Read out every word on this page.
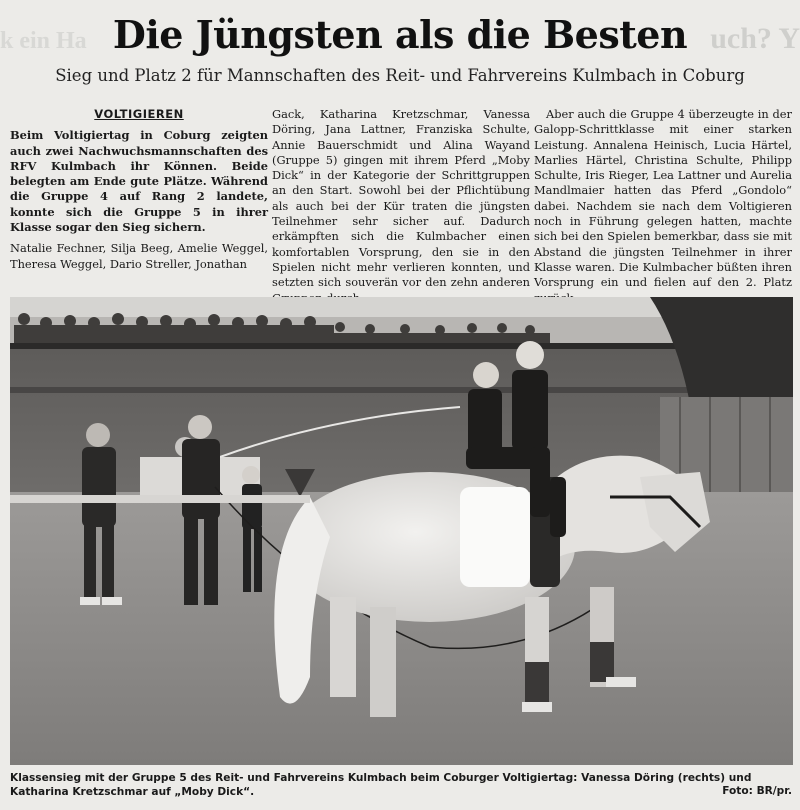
k ein Ha	uch? Y
Die Jüngsten als die Besten
Sieg und Platz 2 für Mannschaften des Reit- und Fahrvereins Kulmbach in Coburg
VOLTIGIEREN
Beim Voltigiertag in Coburg zeigten auch zwei Nachwuchsmannschaften des RFV Kulmbach ihr Können. Beide belegten am Ende gute Plätze. Während die Gruppe 4 auf Rang 2 landete, konnte sich die Gruppe 5 in ihrer Klasse sogar den Sieg sichern.
Natalie Fechner, Silja Beeg, Amelie Weggel, Theresa Weggel, Dario Streller, Jonathan
Gack, Katharina Kretzschmar, Vanessa Döring, Jana Lattner, Franziska Schulte, Annie Bauerschmidt und Alina Wayand (Gruppe 5) gingen mit ihrem Pferd „Moby Dick“ in der Kategorie der Schrittgruppen an den Start. Sowohl bei der Pflichtübung als auch bei der Kür traten die jüngsten Teilnehmer sehr sicher auf. Dadurch erkämpften sich die Kulmbacher einen komfortablen Vorsprung, den sie in den Spielen nicht mehr verlieren konnten, und setzten sich souverän vor den zehn anderen
Aber auch die Gruppe 4 überzeugte in der Galopp-Schrittklasse mit einer starken Leistung. Annalena Heinisch, Lucia Härtel, Marlies Härtel, Christina Schulte, Philipp Schulte, Iris Rieger, Lea Lattner und Aurelia Mandlmaier hatten das Pferd „Gondolo“ dabei. Nachdem sie nach dem Voltigieren noch in Führung gelegen hatten, machte sich bei den Spielen bemerkbar, dass sie mit Abstand die jüngsten Teilnehmer in ihrer Klasse waren. Die Kulmbacher büßten ihren Vorsprung ein und fielen auf den 2. Platz
Klassensieg mit der Gruppe 5 des Reit- und Fahrvereins Kulmbach beim Coburger Voltigiertag: Vanessa Döring (rechts) und Katharina Kretzschmar auf „Moby Dick“.	Foto: BR/pr.
